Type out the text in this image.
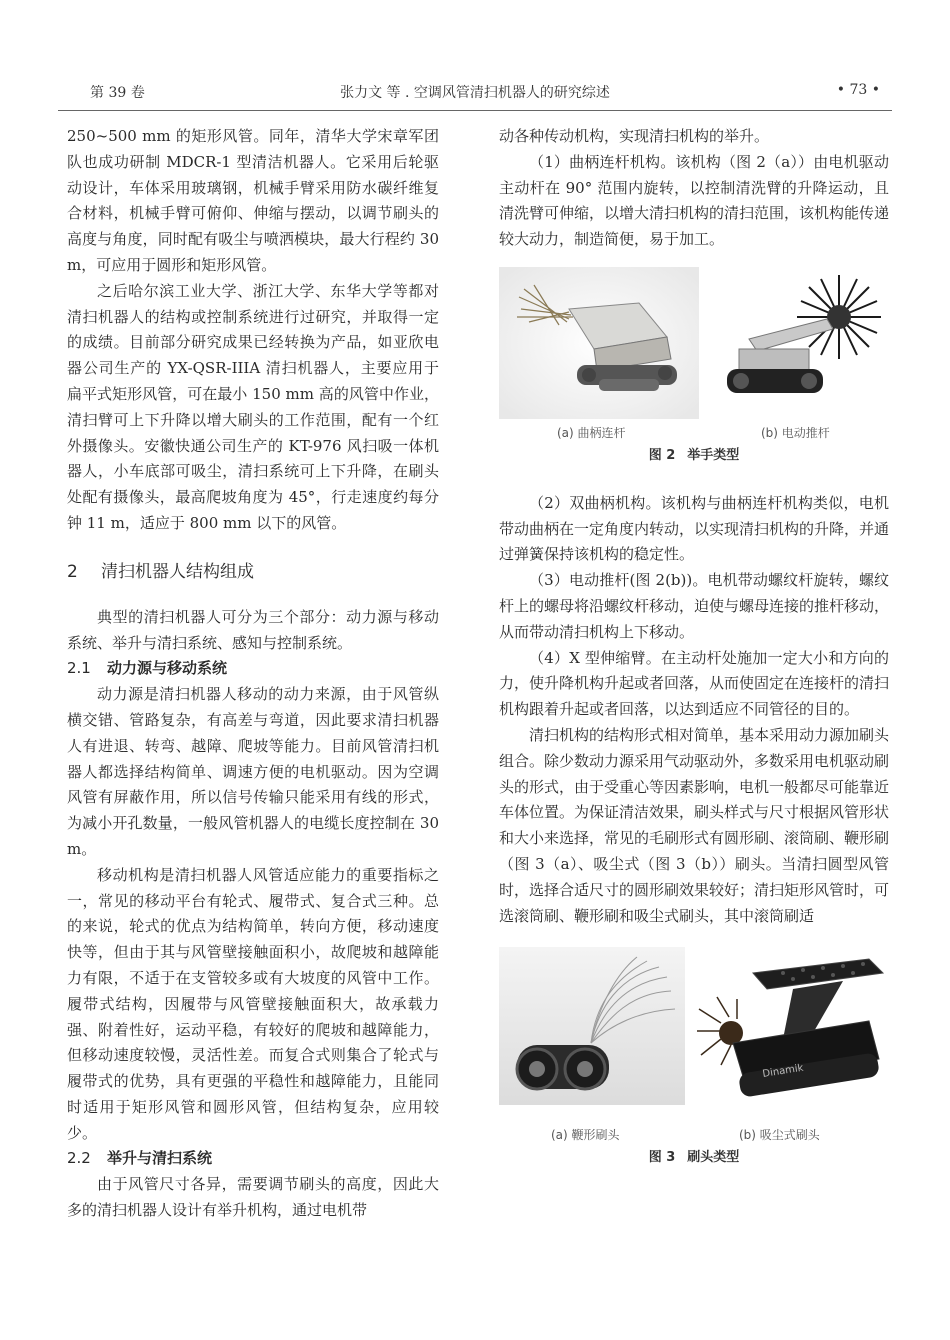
第 39 卷	张力文 等 . 空调风管清扫机器人的研究综述	• 73 •

250~500 mm 的矩形风管。同年，清华大学宋章军团队也成功研制 MDCR-1 型清洁机器人。它采用后轮驱动设计，车体采用玻璃钢，机械手臂采用防水碳纤维复合材料，机械手臂可俯仰、伸缩与摆动，以调节刷头的高度与角度，同时配有吸尘与喷洒模块，最大行程约 30 m，可应用于圆形和矩形风管。

之后哈尔滨工业大学、浙江大学、东华大学等都对清扫机器人的结构或控制系统进行过研究，并取得一定的成绩。目前部分研究成果已经转换为产品，如亚欣电器公司生产的 YX-QSR-IIIA 清扫机器人，主要应用于扁平式矩形风管，可在最小 150 mm 高的风管中作业，清扫臂可上下升降以增大刷头的工作范围，配有一个红外摄像头。安徽快通公司生产的 KT-976 风扫吸一体机器人，小车底部可吸尘，清扫系统可上下升降，在刷头处配有摄像头，最高爬坡角度为 45°，行走速度约每分钟 11 m，适应于 800 mm 以下的风管。

2 清扫机器人结构组成

典型的清扫机器人可分为三个部分：动力源与移动系统、举升与清扫系统、感知与控制系统。

2.1 动力源与移动系统

动力源是清扫机器人移动的动力来源，由于风管纵横交错、管路复杂，有高差与弯道，因此要求清扫机器人有进退、转弯、越障、爬坡等能力。目前风管清扫机器人都选择结构简单、调速方便的电机驱动。因为空调风管有屏蔽作用，所以信号传输只能采用有线的形式，为减小开孔数量，一般风管机器人的电缆长度控制在 30 m。

移动机构是清扫机器人风管适应能力的重要指标之一，常见的移动平台有轮式、履带式、复合式三种。总的来说，轮式的优点为结构简单，转向方便，移动速度快等，但由于其与风管壁接触面积小，故爬坡和越障能力有限，不适于在支管较多或有大坡度的风管中工作。履带式结构，因履带与风管壁接触面积大，故承载力强、附着性好，运动平稳，有较好的爬坡和越障能力，但移动速度较慢，灵活性差。而复合式则集合了轮式与履带式的优势，具有更强的平稳性和越障能力，且能同时适用于矩形风管和圆形风管，但结构复杂，应用较少。

2.2 举升与清扫系统

由于风管尺寸各异，需要调节刷头的高度，因此大多的清扫机器人设计有举升机构，通过电机带

动各种传动机构，实现清扫机构的举升。

（1）曲柄连杆机构。该机构（图 2（a））由电机驱动主动杆在 90° 范围内旋转，以控制清洗臂的升降运动，且清洗臂可伸缩，以增大清扫机构的清扫范围，该机构能传递较大动力，制造简便，易于加工。

(a) 曲柄连杆	(b) 电动推杆
图 2 举手类型

（2）双曲柄机构。该机构与曲柄连杆机构类似，电机带动曲柄在一定角度内转动，以实现清扫机构的升降，并通过弹簧保持该机构的稳定性。

（3）电动推杆(图 2(b))。电机带动螺纹杆旋转，螺纹杆上的螺母将沿螺纹杆移动，迫使与螺母连接的推杆移动，从而带动清扫机构上下移动。

（4）X 型伸缩臂。在主动杆处施加一定大小和方向的力，使升降机构升起或者回落，从而使固定在连接杆的清扫机构跟着升起或者回落，以达到适应不同管径的目的。

清扫机构的结构形式相对简单，基本采用动力源加刷头组合。除少数动力源采用气动驱动外，多数采用电机驱动刷头的形式，由于受重心等因素影响，电机一般都尽可能靠近车体位置。为保证清洁效果，刷头样式与尺寸根据风管形状和大小来选择，常见的毛刷形式有圆形刷、滚筒刷、鞭形刷（图 3（a）、吸尘式（图 3（b））刷头。当清扫圆型风管时，选择合适尺寸的圆形刷效果较好；清扫矩形风管时，可选滚筒刷、鞭形刷和吸尘式刷头，其中滚筒刷适

Dinamik
(a) 鞭形刷头	(b) 吸尘式刷头
图 3 刷头类型
